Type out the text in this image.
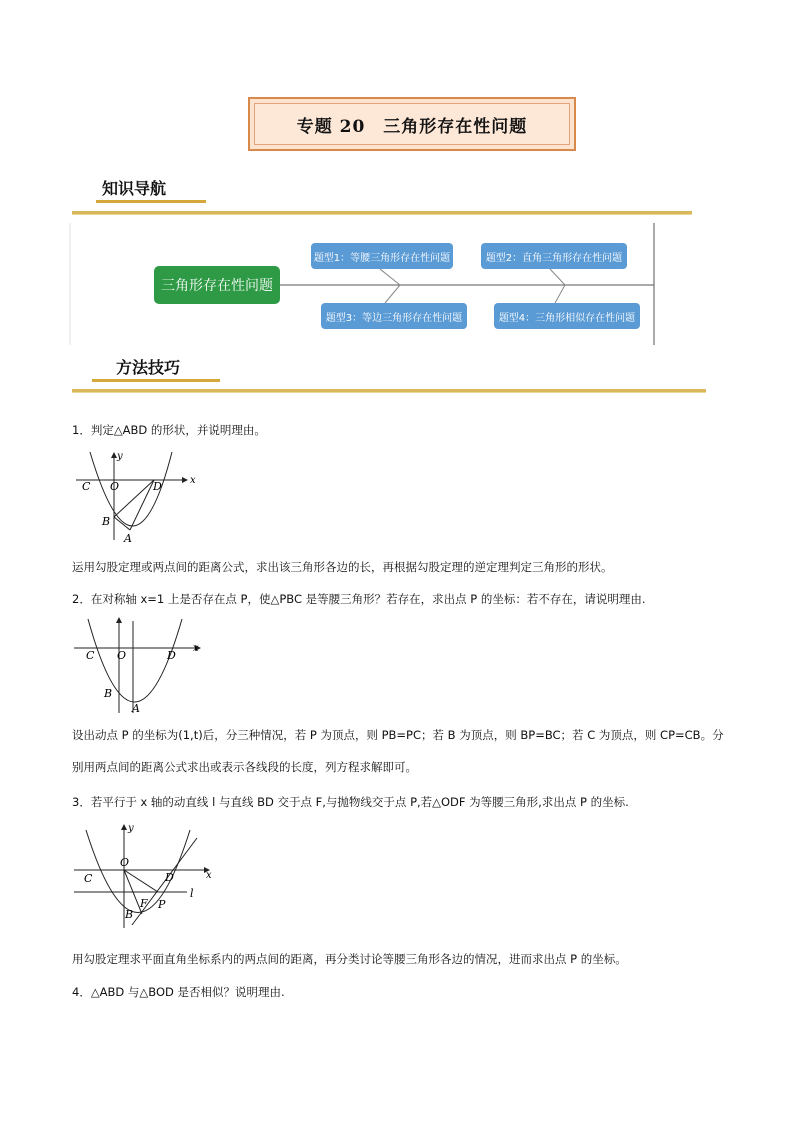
专题 20　三角形存在性问题
知识导航
三角形存在性问题
题型1：等腰三角形存在性问题	题型2：直角三角形存在性问题
题型3：等边三角形存在性问题	题型4：三角形相似存在性问题
方法技巧
1．判定△ABD 的形状，并说明理由。
x
y
C O	D
B
A
运用勾股定理或两点间的距离公式，求出该三角形各边的长，再根据勾股定理的逆定理判定三角形的形状。
2．在对称轴 x=1 上是否存在点 P，使△PBC 是等腰三角形？若存在，求出点 P 的坐标：若不存在，请说明理由.
C O	D
B
A
x
设出动点 P 的坐标为(1,t)后，分三种情况，若 P 为顶点，则 PB=PC；若 B 为顶点，则 BP=BC；若 C 为顶点，则 CP=CB。分
别用两点间的距离公式求出或表示各线段的长度，列方程求解即可。
3．若平行于 x 轴的动直线 l 与直线 BD 交于点 F,与抛物线交于点 P,若△ODF 为等腰三角形,求出点 P 的坐标.
C
O
D
B
F P
l
x
y
用勾股定理求平面直角坐标系内的两点间的距离，再分类讨论等腰三角形各边的情况，进而求出点 P 的坐标。
4．△ABD 与△BOD 是否相似？说明理由.
